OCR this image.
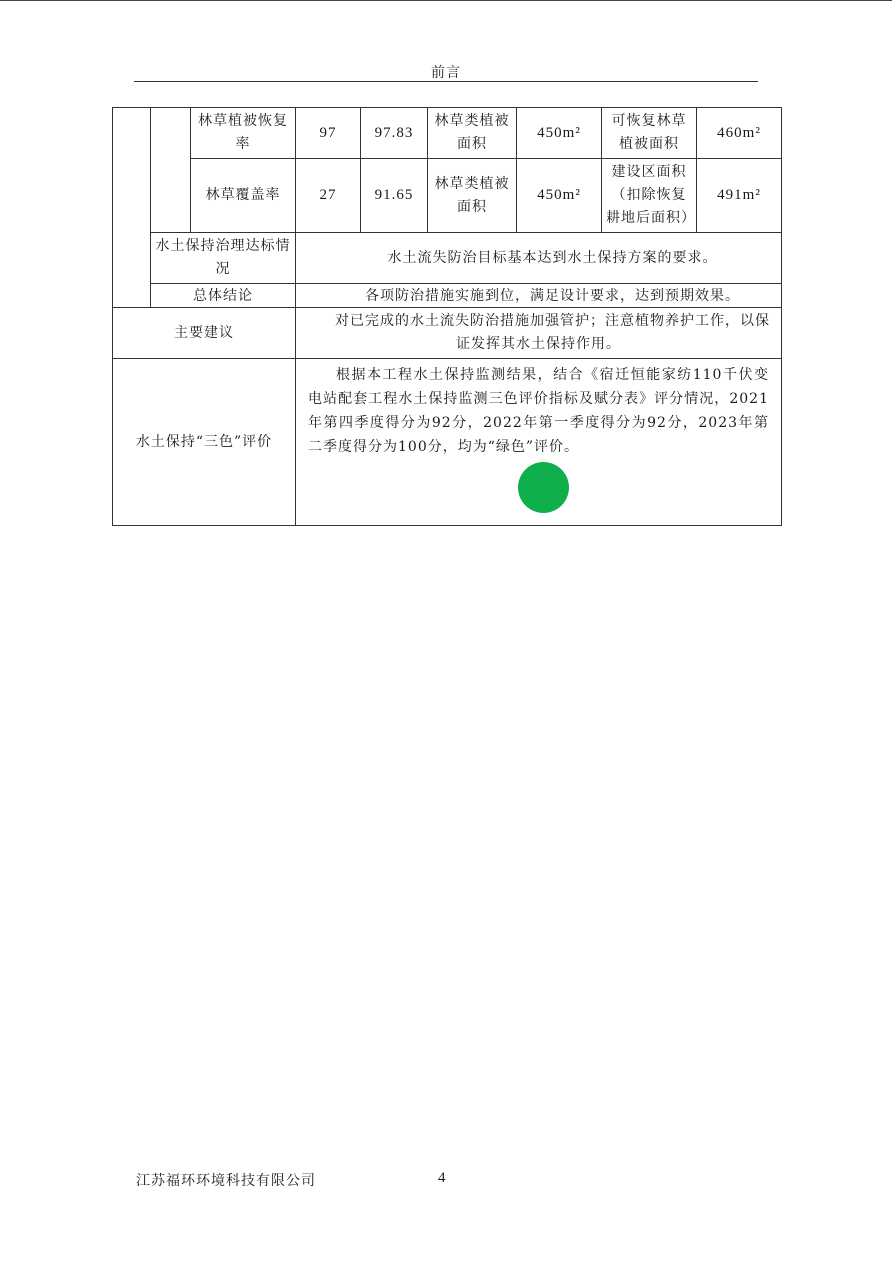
前言
		林草植被恢复率	97	97.83	林草类植被面积	450m²	可恢复林草植被面积	460m²
		林草覆盖率	27	91.65	林草类植被面积	450m²	建设区面积（扣除恢复耕地后面积）	491m²
	水土保持治理达标情况		水土流失防治目标基本达到水土保持方案的要求。					
	总体结论		各项防治措施实施到位，满足设计要求，达到预期效果。					
主要建议			对已完成的水土流失防治措施加强管护；注意植物养护工作，以保证发挥其水土保持作用。					
水土保持“三色”评价			根据本工程水土保持监测结果，结合《宿迁恒能家纺110千伏变电站配套工程水土保持监测三色评价指标及赋分表》评分情况，2021年第四季度得分为92分，2022年第一季度得分为92分，2023年第二季度得分为100分，均为“绿色”评价。					
江苏福环环境科技有限公司	4
